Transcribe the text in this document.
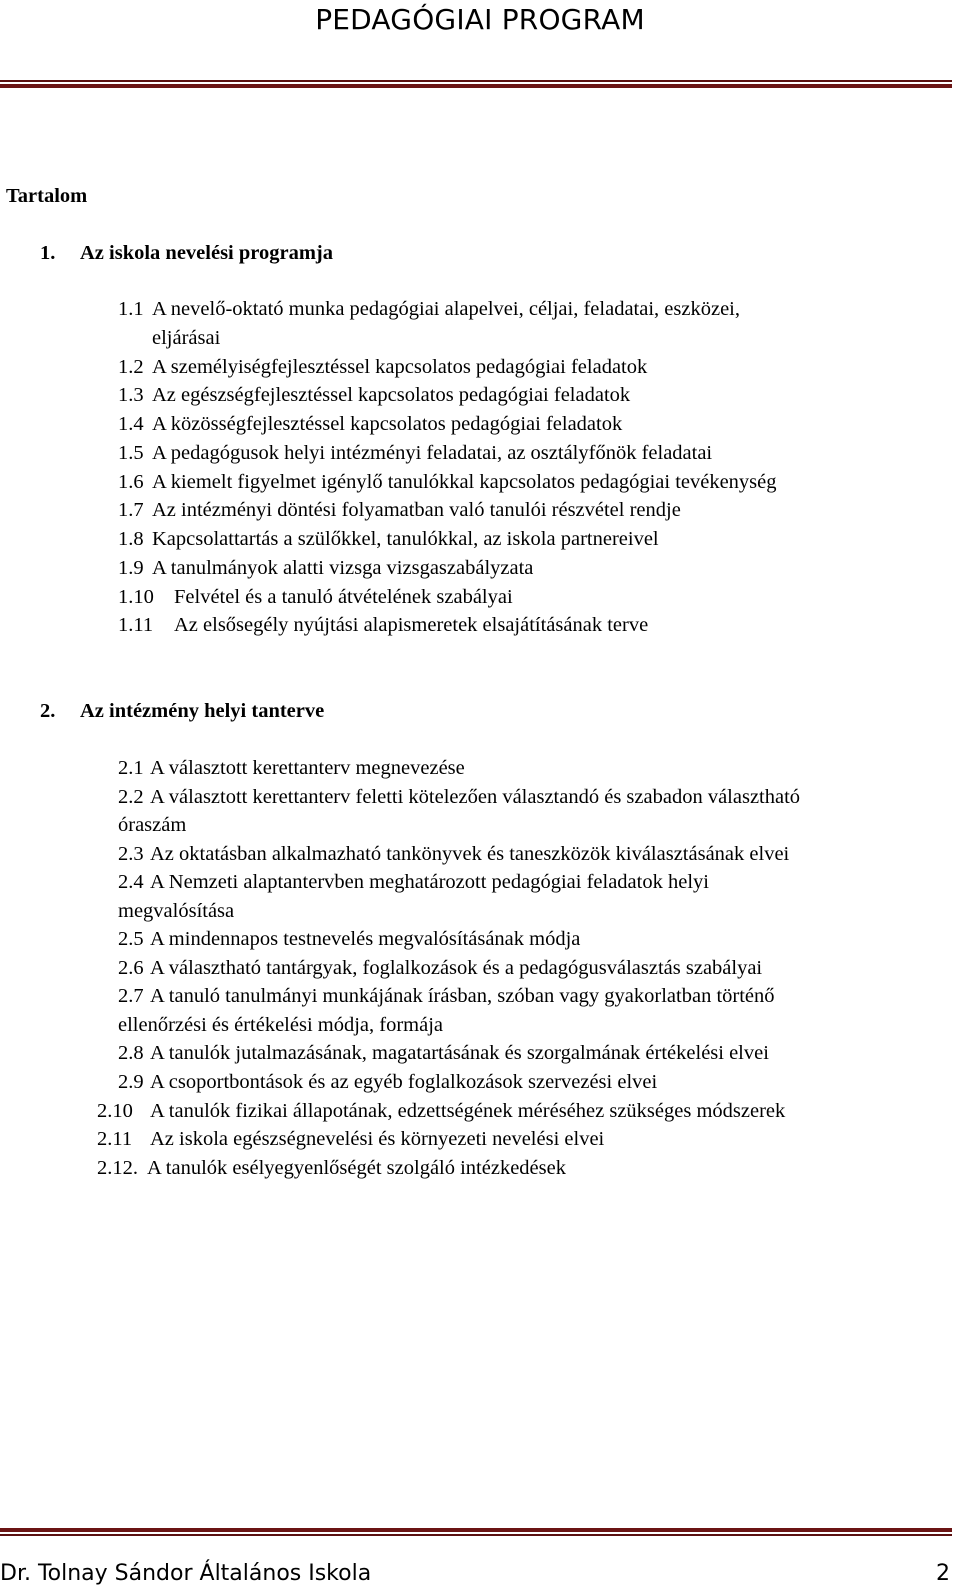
PEDAGÓGIAI PROGRAM
Tartalom
1. Az iskola nevelési programja
1.1 A nevelő-oktató munka pedagógiai alapelvei, céljai, feladatai, eszközei,
eljárásai
1.2 A személyiségfejlesztéssel kapcsolatos pedagógiai feladatok
1.3 Az egészségfejlesztéssel kapcsolatos pedagógiai feladatok
1.4 A közösségfejlesztéssel kapcsolatos pedagógiai feladatok
1.5 A pedagógusok helyi intézményi feladatai, az osztályfőnök feladatai
1.6 A kiemelt figyelmet igénylő tanulókkal kapcsolatos pedagógiai tevékenység
1.7 Az intézményi döntési folyamatban való tanulói részvétel rendje
1.8 Kapcsolattartás a szülőkkel, tanulókkal, az iskola partnereivel
1.9 A tanulmányok alatti vizsga vizsgaszabályzata
1.10 Felvétel és a tanuló átvételének szabályai
1.11 Az elsősegély nyújtási alapismeretek elsajátításának terve
2. Az intézmény helyi tanterve
2.1 A választott kerettanterv megnevezése
2.2 A választott kerettanterv feletti kötelezően választandó és szabadon választható
óraszám
2.3 Az oktatásban alkalmazható tankönyvek és taneszközök kiválasztásának elvei
2.4 A Nemzeti alaptantervben meghatározott pedagógiai feladatok helyi
megvalósítása
2.5 A mindennapos testnevelés megvalósításának módja
2.6 A választható tantárgyak, foglalkozások és a pedagógusválasztás szabályai
2.7 A tanuló tanulmányi munkájának írásban, szóban vagy gyakorlatban történő
ellenőrzési és értékelési módja, formája
2.8 A tanulók jutalmazásának, magatartásának és szorgalmának értékelési elvei
2.9 A csoportbontások és az egyéb foglalkozások szervezési elvei
2.10 A tanulók fizikai állapotának, edzettségének méréséhez szükséges módszerek
2.11 Az iskola egészségnevelési és környezeti nevelési elvei
2.12. A tanulók esélyegyenlőségét szolgáló intézkedések
Dr. Tolnay Sándor Általános Iskola	2
